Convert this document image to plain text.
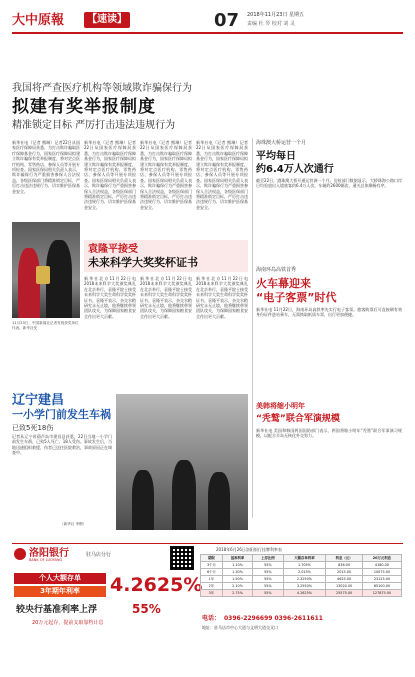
大中原報	【速读】	07 2018年11月23日 星期五
责编 杜 琴 校对 刘 灵
我国将严查医疗机构等领域欺诈骗保行为
拟建有奖举报制度
精准锁定目标 严厉打击违法违规行为
新华社电（记者 熊琳）记者22日从国家医疗保障局获悉，为打击欺诈骗取医疗保障基金行为，国家医疗保障局拟建立欺诈骗保有奖举报制度，将对定点医疗机构、零售药店、参保人员等开展专项检查。国家医保局相关负责人表示，欺诈骗保行为严重损害参保人合法权益，各级医保部门将精准锁定目标，严厉打击违法违规行为，切实维护医保基金安全。
新华社电（记者 熊琳）记者22日从国家医疗保障局获悉，为打击欺诈骗取医疗保障基金行为，国家医疗保障局拟建立欺诈骗保有奖举报制度，将对定点医疗机构、零售药店、参保人员等开展专项检查。国家医保局相关负责人表示，欺诈骗保行为严重损害参保人合法权益，各级医保部门将精准锁定目标，严厉打击违法违规行为，切实维护医保基金安全。
新华社电（记者 熊琳）记者22日从国家医疗保障局获悉，为打击欺诈骗取医疗保障基金行为，国家医疗保障局拟建立欺诈骗保有奖举报制度，将对定点医疗机构、零售药店、参保人员等开展专项检查。国家医保局相关负责人表示，欺诈骗保行为严重损害参保人合法权益，各级医保部门将精准锁定目标，严厉打击违法违规行为，切实维护医保基金安全。
新华社电（记者 熊琳）记者22日从国家医疗保障局获悉，为打击欺诈骗取医疗保障基金行为，国家医疗保障局拟建立欺诈骗保有奖举报制度，将对定点医疗机构、零售药店、参保人员等开展专项检查。国家医保局相关负责人表示，欺诈骗保行为严重损害参保人合法权益，各级医保部门将精准锁定目标，严厉打击违法违规行为，切实维护医保基金安全。
11月23日，中国新闻社记者发现获奖单位代表。新华社发
袁隆平接受
未来科学大奖奖杯证书
新华社北京11月22日电 2018未来科学大奖颁奖典礼在北京举行，袁隆平院士接受未来科学大奖生命科学奖奖杯证书。袁隆平表示，杂交水稻研究永无止境，他将继续带领团队攻关，为保障国家粮食安全作出更大贡献。
新华社北京11月22日电 2018未来科学大奖颁奖典礼在北京举行，袁隆平院士接受未来科学大奖生命科学奖奖杯证书。袁隆平表示，杂交水稻研究永无止境，他将继续带领团队攻关，为保障国家粮食安全作出更大贡献。
新华社北京11月22日电 2018未来科学大奖颁奖典礼在北京举行，袁隆平院士接受未来科学大奖生命科学奖奖杯证书。袁隆平表示，杂交水稻研究永无止境，他将继续带领团队攻关，为保障国家粮食安全作出更大贡献。
辽宁建昌
一小学门前发生车祸
已致5死18伤
记者从辽宁省葫芦岛市建昌县获悉，22日当地一小学门前发生车祸，已致5人死亡、18人受伤。事故发生后，当地迅速组织救援，伤者已送往医院救治，事故原因正在调查中。
（新华社 李钢）
海珠澳大桥运营一个月
平均每日
约6.4万人次通行
截至22日，港珠澳大桥开通运营满一个月。边检部门数据显示，大桥珠海公路口岸日均验放出入境旅客约6.4万人次，车辆约2600辆次，通关总体顺畅有序。
海南环岛高铁首秀
火车幕迎来
“电子客票”时代
新华社电 11月22日，海南环岛高铁率先实行电子客票。旅客购票后可直接刷有效身份证件进站乘车，无需换取纸质车票，出行更加便捷。
美韩将缩小明年
“秃鹫”联合军演规模
新华社电 美国和韩国两国国防部门表示，两国将缩小明年“秃鹫”联合军事演习规模，以配合半岛无核化外交努力。
洛阳银行
BANK OF LUOYANG
驻马店分行
个人大额存单
3年期年利率	4.2625%
较央行基准利率上浮	55%
20万元起存，提前支取靠档计息
2018年6月26日洛阳银行挂牌利率表
期限	基准利率	上浮比例	大额存单利率	利息（元）	20万元利息
3个月	1.10%	55%	1.705%	836.00	4180.00
6个月	1.30%	55%	2.015%	2015.00	10075.00
1年	1.50%	55%	2.3250%	4625.00	23125.00
2年	2.10%	55%	3.2550%	13020.00	65100.00
3年	2.75%	55%	4.2625%	25575.00	127875.00
电话： 0396-2296699 0396-2611611
地址：驻马店市中心大道与文明大道交叉口
